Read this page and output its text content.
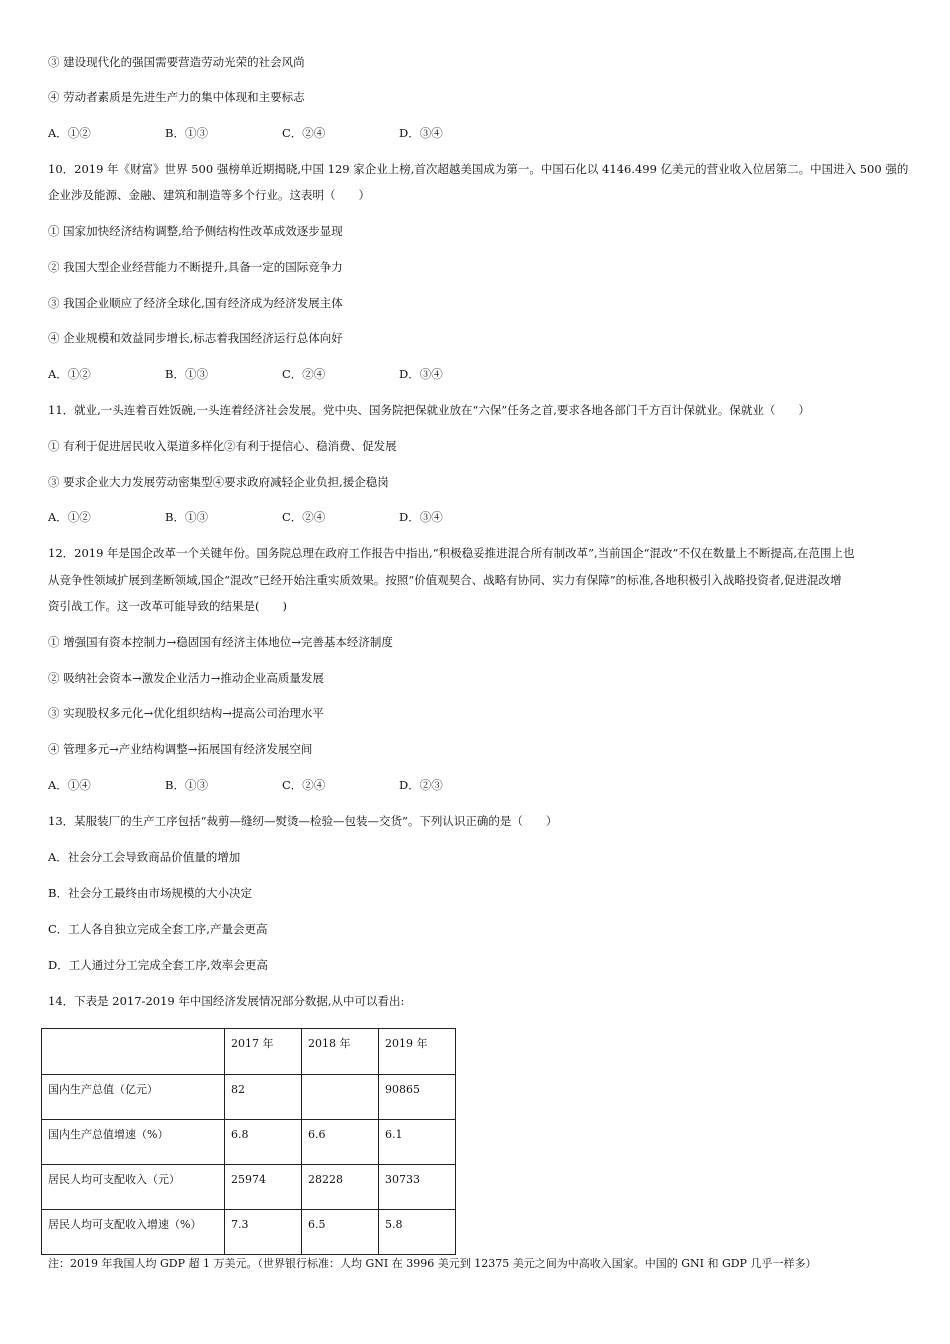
③ 建设现代化的强国需要营造劳动光荣的社会风尚
④ 劳动者素质是先进生产力的集中体现和主要标志
A．①②	B．①③	C．②④	D．③④
10．2019 年《财富》世界 500 强榜单近期揭晓,中国 129 家企业上榜,首次超越美国成为第一。中国石化以 4146.499 亿美元的营业收入位居第二。中国进入 500 强的
企业涉及能源、金融、建筑和制造等多个行业。这表明（　　）
① 国家加快经济结构调整,给予侧结构性改革成效逐步显现
② 我国大型企业经营能力不断提升,具备一定的国际竞争力
③ 我国企业顺应了经济全球化,国有经济成为经济发展主体
④ 企业规模和效益同步增长,标志着我国经济运行总体向好
A．①②	B．①③	C．②④	D．③④
11．就业,一头连着百姓饭碗,一头连着经济社会发展。党中央、国务院把保就业放在“六保”任务之首,要求各地各部门千方百计保就业。保就业（　　）
① 有利于促进居民收入渠道多样化②有利于提信心、稳消费、促发展
③ 要求企业大力发展劳动密集型④要求政府减轻企业负担,援企稳岗
A．①②	B．①③	C．②④	D．③④
12．2019 年是国企改革一个关键年份。国务院总理在政府工作报告中指出,“积极稳妥推进混合所有制改革”,当前国企“混改”不仅在数量上不断提高,在范围上也
从竞争性领域扩展到垄断领域,国企“混改”已经开始注重实质效果。按照“价值观契合、战略有协同、实力有保障”的标准,各地积极引入战略投资者,促进混改增
资引战工作。这一改革可能导致的结果是(　　)
① 增强国有资本控制力→稳固国有经济主体地位→完善基本经济制度
② 吸纳社会资本→激发企业活力→推动企业高质量发展
③ 实现股权多元化→优化组织结构→提高公司治理水平
④ 管理多元→产业结构调整→拓展国有经济发展空间
A．①④	B．①③	C．②④	D．②③
13．某服装厂的生产工序包括“裁剪—缝纫—熨烫—检验—包装—交货”。下列认识正确的是（　　）
A．社会分工会导致商品价值量的增加
B．社会分工最终由市场规模的大小决定
C．工人各自独立完成全套工序,产量会更高
D．工人通过分工完成全套工序,效率会更高
14．下表是 2017-2019 年中国经济发展情况部分数据,从中可以看出:
	2017 年	2018 年	2019 年
国内生产总值（亿元）	82		90865
国内生产总值增速（%）	6.8	6.6	6.1
居民人均可支配收入（元）	25974	28228	30733
居民人均可支配收入增速（%）	7.3	6.5	5.8
注：2019 年我国人均 GDP 超 1 万美元。（世界银行标准：人均 GNI 在 3996 美元到 12375 美元之间为中高收入国家。中国的 GNI 和 GDP 几乎一样多）
